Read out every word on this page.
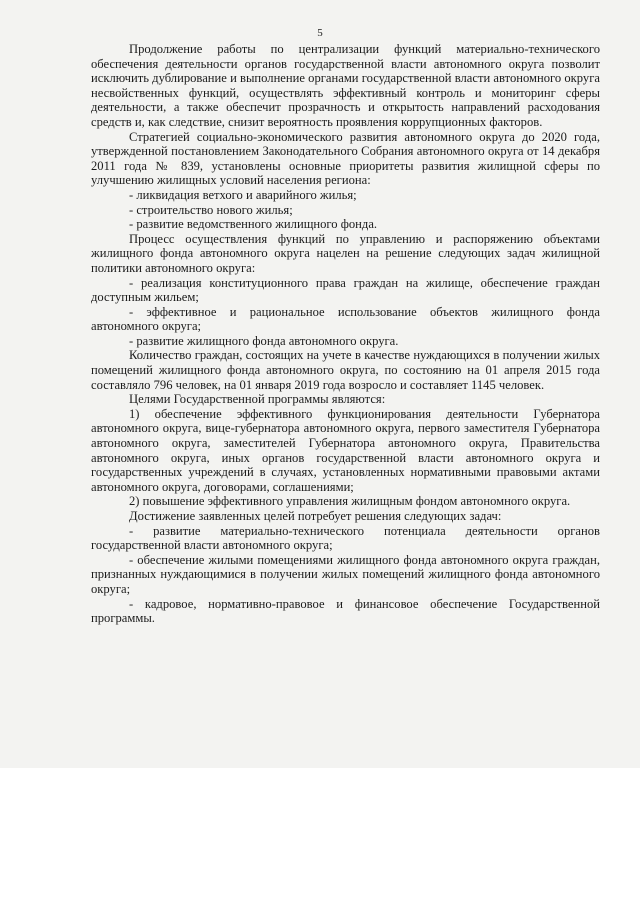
5

Продолжение работы по централизации функций материально-технического обеспечения деятельности органов государственной власти автономного округа позволит исключить дублирование и выполнение органами государственной власти автономного округа несвойственных функций, осуществлять эффективный контроль и мониторинг сферы деятельности, а также обеспечит прозрачность и открытость направлений расходования средств и, как следствие, снизит вероятность проявления коррупционных факторов.

Стратегией социально-экономического развития автономного округа до 2020 года, утвержденной постановлением Законодательного Собрания автономного округа от 14 декабря 2011 года № 839, установлены основные приоритеты развития жилищной сферы по улучшению жилищных условий населения региона:

- ликвидация ветхого и аварийного жилья;

- строительство нового жилья;

- развитие ведомственного жилищного фонда.

Процесс осуществления функций по управлению и распоряжению объектами жилищного фонда автономного округа нацелен на решение следующих задач жилищной политики автономного округа:

- реализация конституционного права граждан на жилище, обеспечение граждан доступным жильем;

- эффективное и рациональное использование объектов жилищного фонда автономного округа;

- развитие жилищного фонда автономного округа.

Количество граждан, состоящих на учете в качестве нуждающихся в получении жилых помещений жилищного фонда автономного округа, по состоянию на 01 апреля 2015 года составляло 796 человек, на 01 января 2019 года возросло и составляет 1145 человек.

Целями Государственной программы являются:

1) обеспечение эффективного функционирования деятельности Губернатора автономного округа, вице-губернатора автономного округа, первого заместителя Губернатора автономного округа, заместителей Губернатора автономного округа, Правительства автономного округа, иных органов государственной власти автономного округа и государственных учреждений в случаях, установленных нормативными правовыми актами автономного округа, договорами, соглашениями;

2) повышение эффективного управления жилищным фондом автономного округа.

Достижение заявленных целей потребует решения следующих задач:

- развитие материально-технического потенциала деятельности органов государственной власти автономного округа;

- обеспечение жилыми помещениями жилищного фонда автономного округа граждан, признанных нуждающимися в получении жилых помещений жилищного фонда автономного округа;

- кадровое, нормативно-правовое и финансовое обеспечение Государственной программы.
